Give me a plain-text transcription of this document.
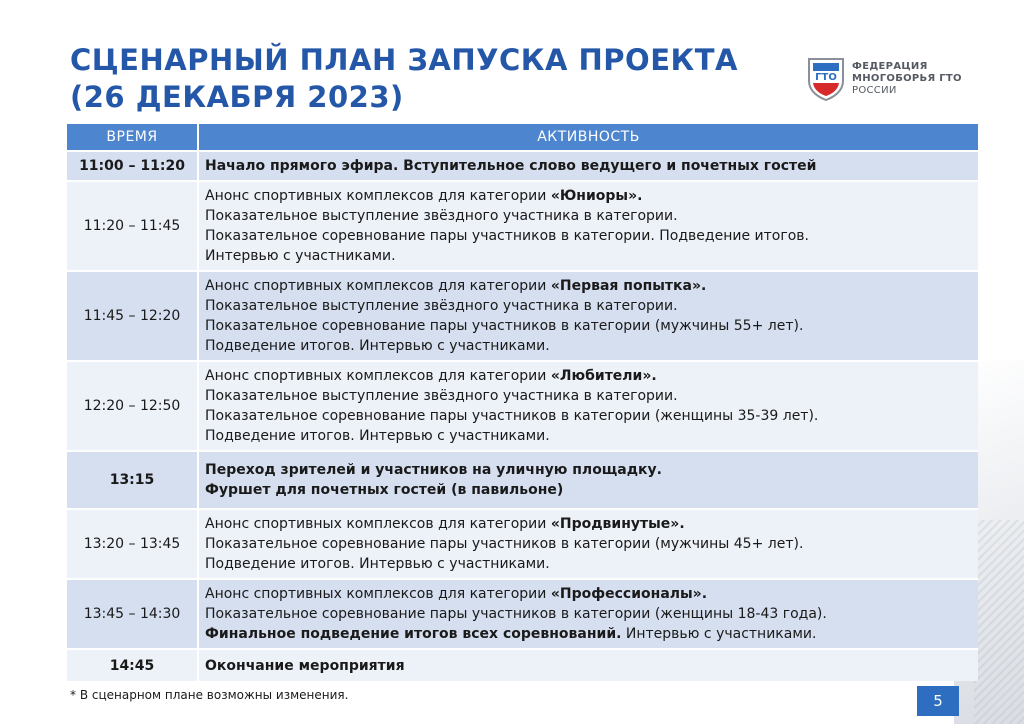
СЦЕНАРНЫЙ ПЛАН ЗАПУСКА ПРОЕКТА
(26 ДЕКАБРЯ 2023)
ГТО
ФЕДЕРАЦИЯ
МНОГОБОРЬЯ ГТО
РОССИИ
ВРЕМЯ	АКТИВНОСТЬ
11:00 – 11:20	Начало прямого эфира. Вступительное слово ведущего и почетных гостей

11:20 – 11:45	Анонс спортивных комплексов для категории «Юниоры».
Показательное выступление звёздного участника в категории.
Показательное соревнование пары участников в категории. Подведение итогов.
Интервью с участниками.

11:45 – 12:20	Анонс спортивных комплексов для категории «Первая попытка».
Показательное выступление звёздного участника в категории.
Показательное соревнование пары участников в категории (мужчины 55+ лет).
Подведение итогов. Интервью с участниками.

12:20 – 12:50	Анонс спортивных комплексов для категории «Любители».
Показательное выступление звёздного участника в категории.
Показательное соревнование пары участников в категории (женщины 35-39 лет).
Подведение итогов. Интервью с участниками.

13:15	Переход зрителей и участников на уличную площадку.
Фуршет для почетных гостей (в павильоне)

13:20 – 13:45	Анонс спортивных комплексов для категории «Продвинутые».
Показательное соревнование пары участников в категории (мужчины 45+ лет).
Подведение итогов. Интервью с участниками.

13:45 – 14:30	Анонс спортивных комплексов для категории «Профессионалы».
Показательное соревнование пары участников в категории (женщины 18-43 года).
Финальное подведение итогов всех соревнований. Интервью с участниками.

14:45	Окончание мероприятия
* В сценарном плане возможны изменения.	5
